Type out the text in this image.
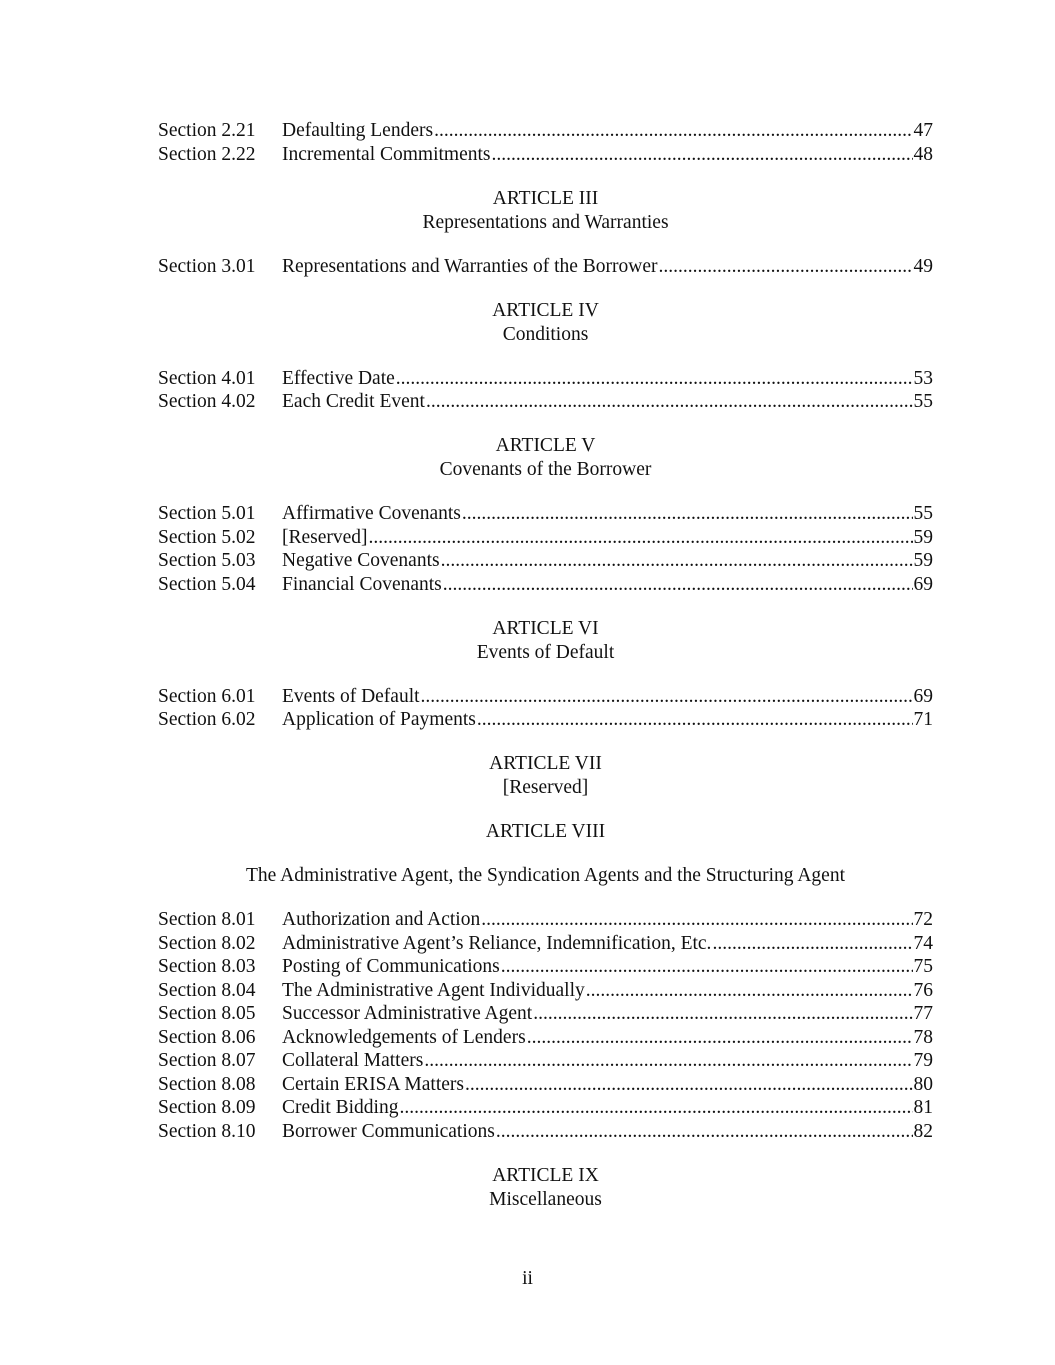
Section 2.21	Defaulting Lenders .....	47
Section 2.22	Incremental Commitments .....	48
ARTICLE III
Representations and Warranties
Section 3.01	Representations and Warranties of the Borrower .....	49
ARTICLE IV
Conditions
Section 4.01	Effective Date .....	53
Section 4.02	Each Credit Event .....	55
ARTICLE V
Covenants of the Borrower
Section 5.01	Affirmative Covenants .....	55
Section 5.02	[Reserved] .....	59
Section 5.03	Negative Covenants .....	59
Section 5.04	Financial Covenants .....	69
ARTICLE VI
Events of Default
Section 6.01	Events of Default .....	69
Section 6.02	Application of Payments .....	71
ARTICLE VII
[Reserved]
ARTICLE VIII
The Administrative Agent, the Syndication Agents and the Structuring Agent
Section 8.01	Authorization and Action .....	72
Section 8.02	Administrative Agent’s Reliance, Indemnification, Etc. .....	74
Section 8.03	Posting of Communications .....	75
Section 8.04	The Administrative Agent Individually .....	76
Section 8.05	Successor Administrative Agent .....	77
Section 8.06	Acknowledgements of Lenders .....	78
Section 8.07	Collateral Matters .....	79
Section 8.08	Certain ERISA Matters .....	80
Section 8.09	Credit Bidding .....	81
Section 8.10	Borrower Communications .....	82
ARTICLE IX
Miscellaneous
ii
